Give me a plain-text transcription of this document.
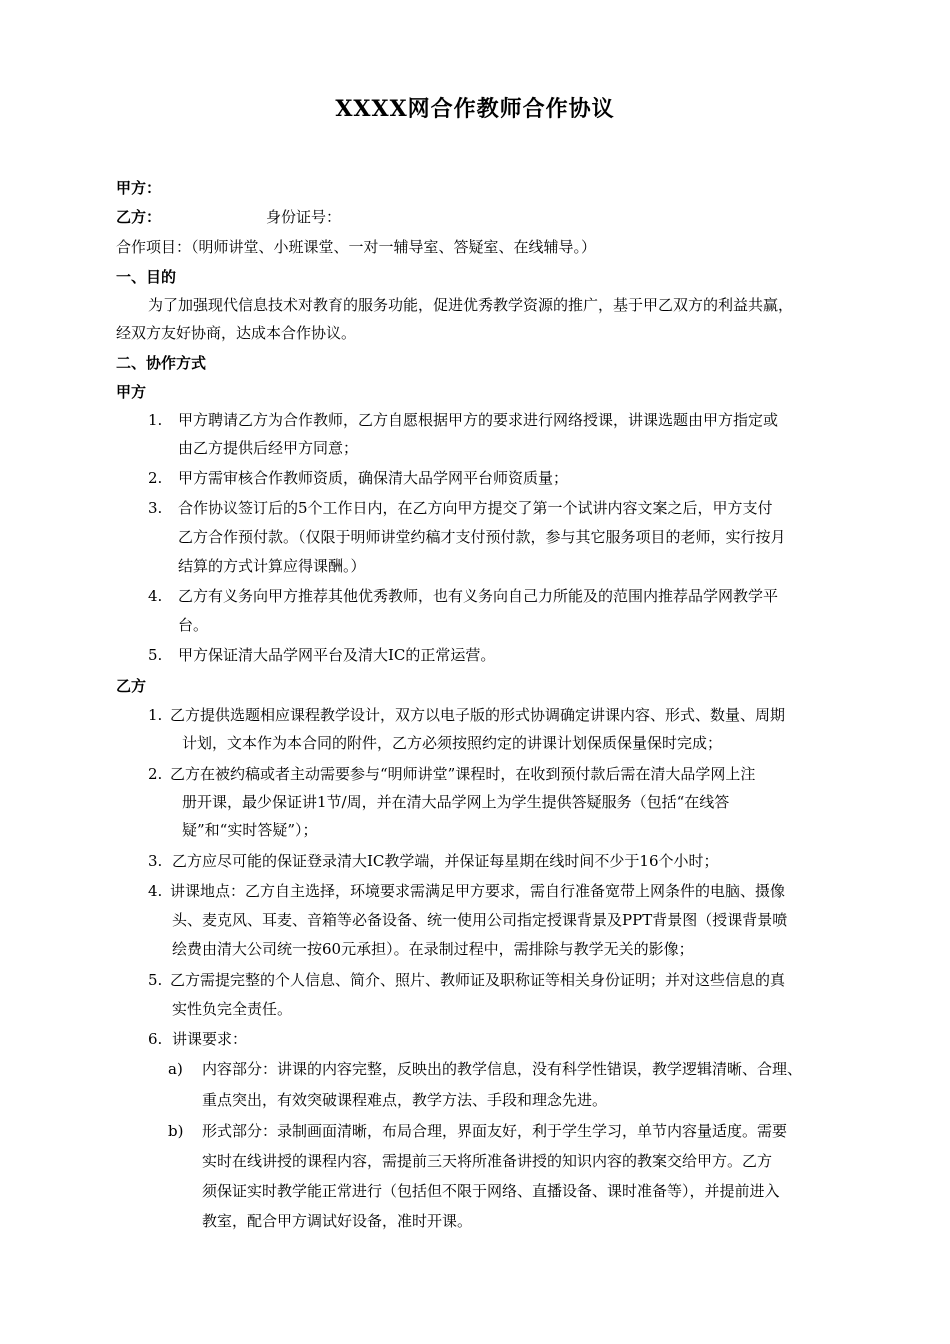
XXXX网合作教师合作协议
甲方：
乙方：	身份证号：
合作项目：（明师讲堂、小班课堂、一对一辅导室、答疑室、在线辅导。）
一、目的
为了加强现代信息技术对教育的服务功能，促进优秀教学资源的推广，基于甲乙双方的利益共赢，
经双方友好协商，达成本合作协议。
二、协作方式
甲方
1. 甲方聘请乙方为合作教师，乙方自愿根据甲方的要求进行网络授课，讲课选题由甲方指定或
由乙方提供后经甲方同意；
2. 甲方需审核合作教师资质，确保清大品学网平台师资质量；
3. 合作协议签订后的5个工作日内，在乙方向甲方提交了第一个试讲内容文案之后，甲方支付
乙方合作预付款。（仅限于明师讲堂约稿才支付预付款，参与其它服务项目的老师，实行按月
结算的方式计算应得课酬。）
4. 乙方有义务向甲方推荐其他优秀教师，也有义务向自己力所能及的范围内推荐品学网教学平
台。
5. 甲方保证清大品学网平台及清大IC的正常运营。
乙方
1. 乙方提供选题相应课程教学设计，双方以电子版的形式协调确定讲课内容、形式、数量、周期
计划，文本作为本合同的附件，乙方必须按照约定的讲课计划保质保量保时完成；
2. 乙方在被约稿或者主动需要参与“明师讲堂”课程时，在收到预付款后需在清大品学网上注
册开课，最少保证讲1节/周，并在清大品学网上为学生提供答疑服务（包括“在线答
疑”和“实时答疑”）；
3. 乙方应尽可能的保证登录清大IC教学端，并保证每星期在线时间不少于16个小时；
4. 讲课地点：乙方自主选择，环境要求需满足甲方要求，需自行准备宽带上网条件的电脑、摄像
头、麦克风、耳麦、音箱等必备设备、统一使用公司指定授课背景及PPT背景图（授课背景喷
绘费由清大公司统一按60元承担）。在录制过程中，需排除与教学无关的影像；
5. 乙方需提完整的个人信息、简介、照片、教师证及职称证等相关身份证明；并对这些信息的真
实性负完全责任。
6. 讲课要求：
a) 内容部分：讲课的内容完整，反映出的教学信息，没有科学性错误，教学逻辑清晰、合理、
重点突出，有效突破课程难点，教学方法、手段和理念先进。
b) 形式部分：录制画面清晰，布局合理，界面友好，利于学生学习，单节内容量适度。需要
实时在线讲授的课程内容，需提前三天将所准备讲授的知识内容的教案交给甲方。乙方
须保证实时教学能正常进行（包括但不限于网络、直播设备、课时准备等），并提前进入
教室，配合甲方调试好设备，准时开课。
